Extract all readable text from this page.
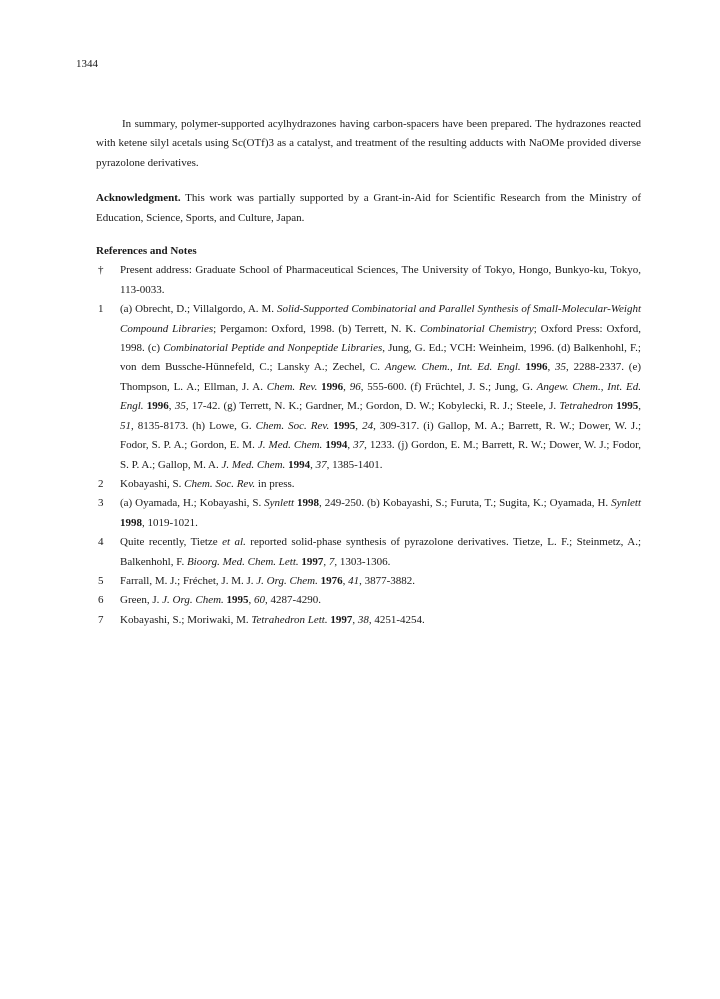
1344

In summary, polymer-supported acylhydrazones having carbon-spacers have been prepared. The hydrazones reacted with ketene silyl acetals using Sc(OTf)3 as a catalyst, and treatment of the resulting adducts with NaOMe provided diverse pyrazolone derivatives.

Acknowledgment. This work was partially supported by a Grant-in-Aid for Scientific Research from the Ministry of Education, Science, Sports, and Culture, Japan.

References and Notes
†	Present address: Graduate School of Pharmaceutical Sciences, The University of Tokyo, Hongo, Bunkyo-ku, Tokyo, 113-0033.
1	(a) Obrecht, D.; Villalgordo, A. M. Solid-Supported Combinatorial and Parallel Synthesis of Small-Molecular-Weight Compound Libraries; Pergamon: Oxford, 1998. (b) Terrett, N. K. Combinatorial Chemistry; Oxford Press: Oxford, 1998. (c) Combinatorial Peptide and Nonpeptide Libraries, Jung, G. Ed.; VCH: Weinheim, 1996. (d) Balkenhohl, F.; von dem Bussche-Hünnefeld, C.; Lansky A.; Zechel, C. Angew. Chem., Int. Ed. Engl. 1996, 35, 2288-2337. (e) Thompson, L. A.; Ellman, J. A. Chem. Rev. 1996, 96, 555-600. (f) Früchtel, J. S.; Jung, G. Angew. Chem., Int. Ed. Engl. 1996, 35, 17-42. (g) Terrett, N. K.; Gardner, M.; Gordon, D. W.; Kobylecki, R. J.; Steele, J. Tetrahedron 1995, 51, 8135-8173. (h) Lowe, G. Chem. Soc. Rev. 1995, 24, 309-317. (i) Gallop, M. A.; Barrett, R. W.; Dower, W. J.; Fodor, S. P. A.; Gordon, E. M. J. Med. Chem. 1994, 37, 1233. (j) Gordon, E. M.; Barrett, R. W.; Dower, W. J.; Fodor, S. P. A.; Gallop, M. A. J. Med. Chem. 1994, 37, 1385-1401.
2	Kobayashi, S. Chem. Soc. Rev. in press.
3	(a) Oyamada, H.; Kobayashi, S. Synlett 1998, 249-250. (b) Kobayashi, S.; Furuta, T.; Sugita, K.; Oyamada, H. Synlett 1998, 1019-1021.
4	Quite recently, Tietze et al. reported solid-phase synthesis of pyrazolone derivatives. Tietze, L. F.; Steinmetz, A.; Balkenhohl, F. Bioorg. Med. Chem. Lett. 1997, 7, 1303-1306.
5	Farrall, M. J.; Fréchet, J. M. J. J. Org. Chem. 1976, 41, 3877-3882.
6	Green, J. J. Org. Chem. 1995, 60, 4287-4290.
7	Kobayashi, S.; Moriwaki, M. Tetrahedron Lett. 1997, 38, 4251-4254.
